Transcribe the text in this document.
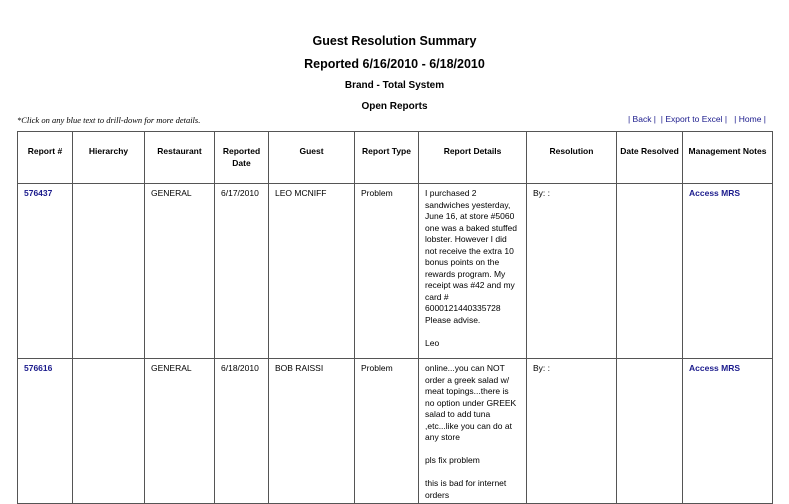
Guest Resolution Summary
Reported 6/16/2010 - 6/18/2010
Brand - Total System
Open Reports
*Click on any blue text to drill-down for more details.	| Back | | Export to Excel | | Home |
Report #	Hierarchy	Restaurant	Reported Date	Guest	Report Type	Report Details	Resolution	Date Resolved	Management Notes
576437		GENERAL	6/17/2010	LEO MCNIFF	Problem	I purchased 2 sandwiches yesterday, June 16, at store #5060 one was a baked stuffed lobster. However I did not receive the extra 10 bonus points on the rewards program. My receipt was #42 and my card # 6000121440335728
Please advise.

Leo	By: :		Access MRS
576616		GENERAL	6/18/2010	BOB RAISSI	Problem	online...you can NOT order a greek salad w/ meat topings...there is no option under GREEK salad to add tuna ,etc...like you can do at any store

pls fix problem

this is bad for internet orders	By: :		Access MRS
